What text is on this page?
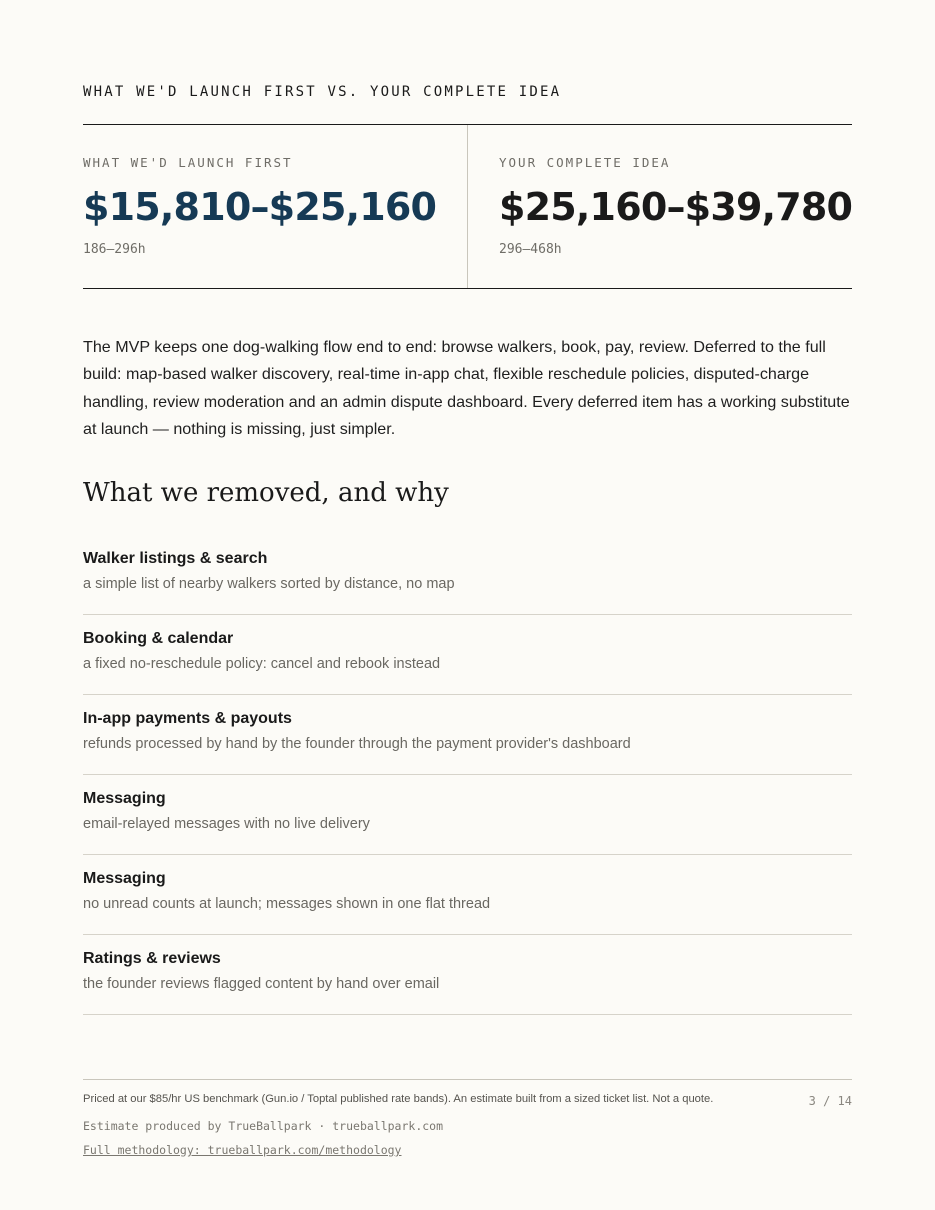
WHAT WE'D LAUNCH FIRST VS. YOUR COMPLETE IDEA
WHAT WE'D LAUNCH FIRST
$15,810–$25,160
186–296h
YOUR COMPLETE IDEA
$25,160–$39,780
296–468h

The MVP keeps one dog-walking flow end to end: browse walkers, book, pay, review. Deferred to the full build: map-based walker discovery, real-time in-app chat, flexible reschedule policies, disputed-charge handling, review moderation and an admin dispute dashboard. Every deferred item has a working substitute at launch — nothing is missing, just simpler.

What we removed, and why
Walker listings & search
a simple list of nearby walkers sorted by distance, no map
Booking & calendar
a fixed no-reschedule policy: cancel and rebook instead
In-app payments & payouts
refunds processed by hand by the founder through the payment provider's dashboard
Messaging
email-relayed messages with no live delivery
Messaging
no unread counts at launch; messages shown in one flat thread
Ratings & reviews
the founder reviews flagged content by hand over email
Priced at our $85/hr US benchmark (Gun.io / Toptal published rate bands). An estimate built from a sized ticket list. Not a quote.	3 / 14
Estimate produced by TrueBallpark · trueballpark.com
Full methodology: trueballpark.com/methodology
